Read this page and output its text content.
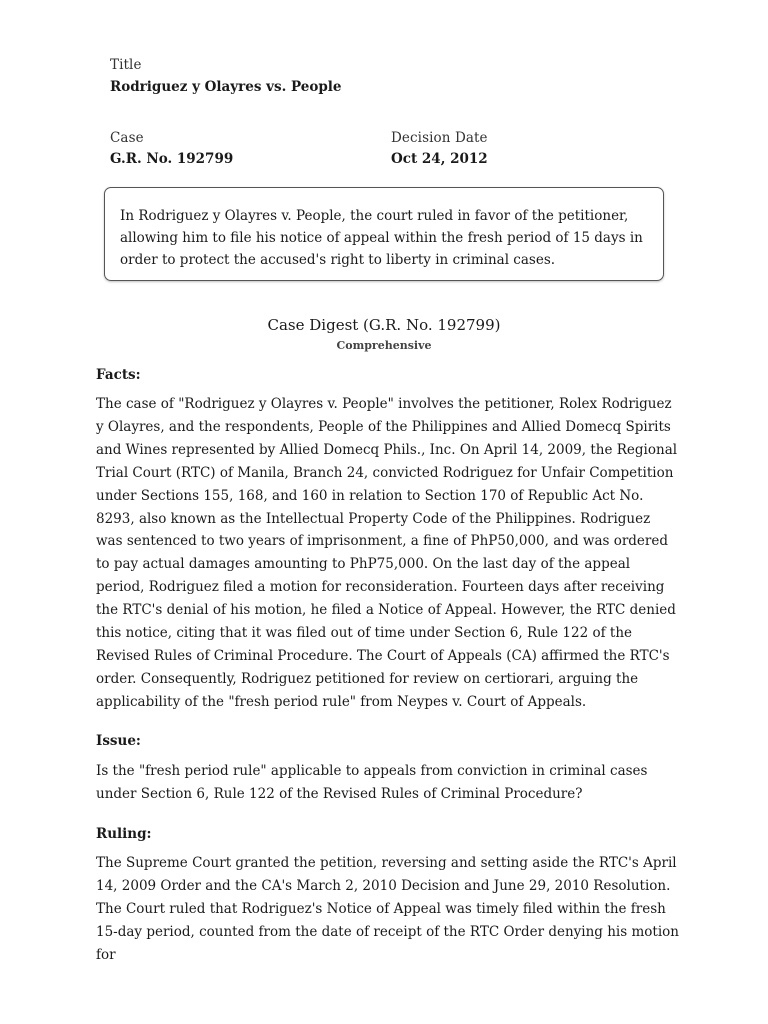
Title
Rodriguez y Olayres vs. People
Case
G.R. No. 192799
Decision Date
Oct 24, 2012

In Rodriguez y Olayres v. People, the court ruled in favor of the petitioner, allowing him to file his notice of appeal within the fresh period of 15 days in order to protect the accused's right to liberty in criminal cases.

Case Digest (G.R. No. 192799)
Comprehensive
Facts:

The case of "Rodriguez y Olayres v. People" involves the petitioner, Rolex Rodriguez y Olayres, and the respondents, People of the Philippines and Allied Domecq Spirits and Wines represented by Allied Domecq Phils., Inc. On April 14, 2009, the Regional Trial Court (RTC) of Manila, Branch 24, convicted Rodriguez for Unfair Competition under Sections 155, 168, and 160 in relation to Section 170 of Republic Act No. 8293, also known as the Intellectual Property Code of the Philippines. Rodriguez was sentenced to two years of imprisonment, a fine of PhP50,000, and was ordered to pay actual damages amounting to PhP75,000. On the last day of the appeal period, Rodriguez filed a motion for reconsideration. Fourteen days after receiving the RTC's denial of his motion, he filed a Notice of Appeal. However, the RTC denied this notice, citing that it was filed out of time under Section 6, Rule 122 of the Revised Rules of Criminal Procedure. The Court of Appeals (CA) affirmed the RTC's order. Consequently, Rodriguez petitioned for review on certiorari, arguing the applicability of the "fresh period rule" from Neypes v. Court of Appeals.

Issue:

Is the "fresh period rule" applicable to appeals from conviction in criminal cases under Section 6, Rule 122 of the Revised Rules of Criminal Procedure?

Ruling:

The Supreme Court granted the petition, reversing and setting aside the RTC's April 14, 2009 Order and the CA's March 2, 2010 Decision and June 29, 2010 Resolution. The Court ruled that Rodriguez's Notice of Appeal was timely filed within the fresh 15-day period, counted from the date of receipt of the RTC Order denying his motion for
